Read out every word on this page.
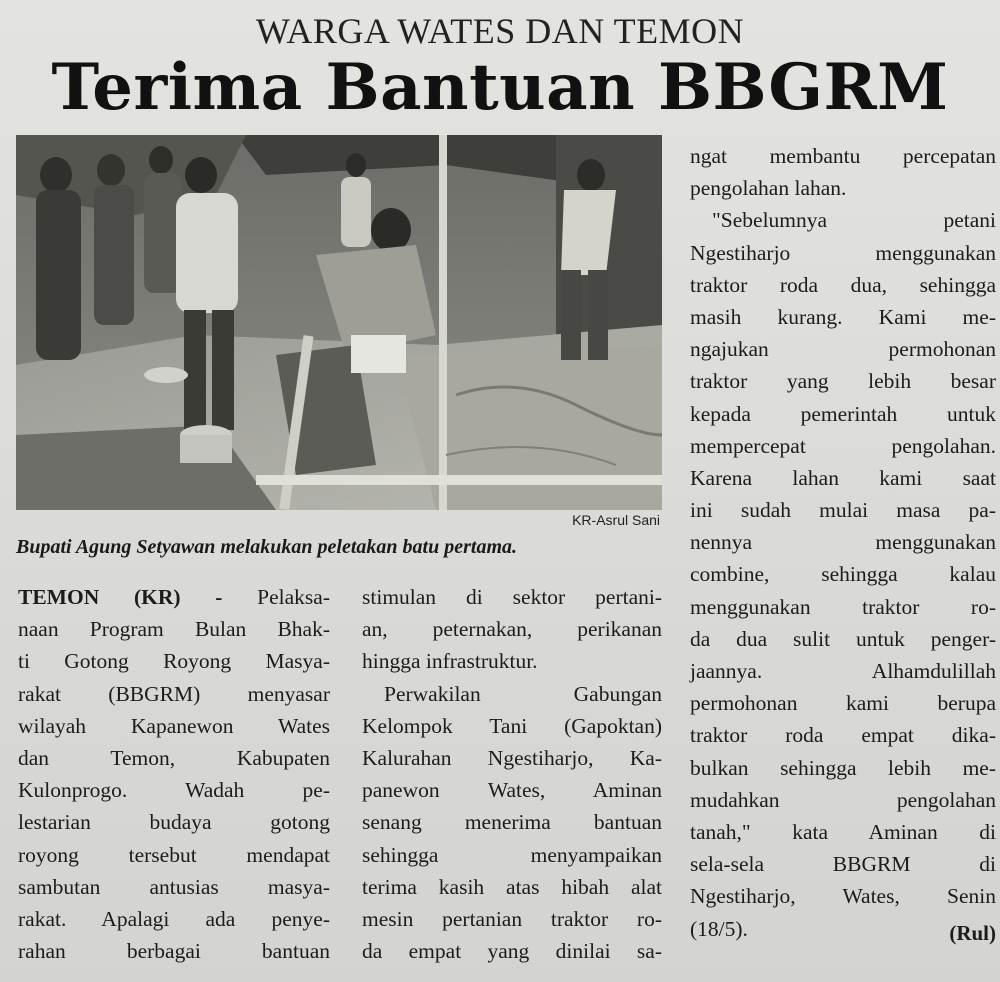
WARGA WATES DAN TEMON
Terima Bantuan BBGRM
KR-Asrul Sani
Bupati Agung Setyawan melakukan peletakan batu pertama.
TEMON (KR) - Pelaksa-
naan Program Bulan Bhak-
ti Gotong Royong Masya-
rakat (BBGRM) menyasar
wilayah Kapanewon Wates
dan Temon, Kabupaten
Kulonprogo. Wadah pe-
lestarian budaya gotong
royong tersebut mendapat
sambutan antusias masya-
rakat. Apalagi ada penye-
rahan berbagai bantuan
stimulan di sektor pertani-
an, peternakan, perikanan
hingga infrastruktur.
Perwakilan Gabungan
Kelompok Tani (Gapoktan)
Kalurahan Ngestiharjo, Ka-
panewon Wates, Aminan
senang menerima bantuan
sehingga menyampaikan
terima kasih atas hibah alat
mesin pertanian traktor ro-
da empat yang dinilai sa-
ngat membantu percepatan
pengolahan lahan.
"Sebelumnya petani
Ngestiharjo menggunakan
traktor roda dua, sehingga
masih kurang. Kami me-
ngajukan permohonan
traktor yang lebih besar
kepada pemerintah untuk
mempercepat pengolahan.
Karena lahan kami saat
ini sudah mulai masa pa-
nennya menggunakan
combine, sehingga kalau
menggunakan traktor ro-
da dua sulit untuk penger-
jaannya. Alhamdulillah
permohonan kami berupa
traktor roda empat dika-
bulkan sehingga lebih me-
mudahkan pengolahan
tanah," kata Aminan di
sela-sela BBGRM di
Ngestiharjo, Wates, Senin
(18/5).	(Rul)
